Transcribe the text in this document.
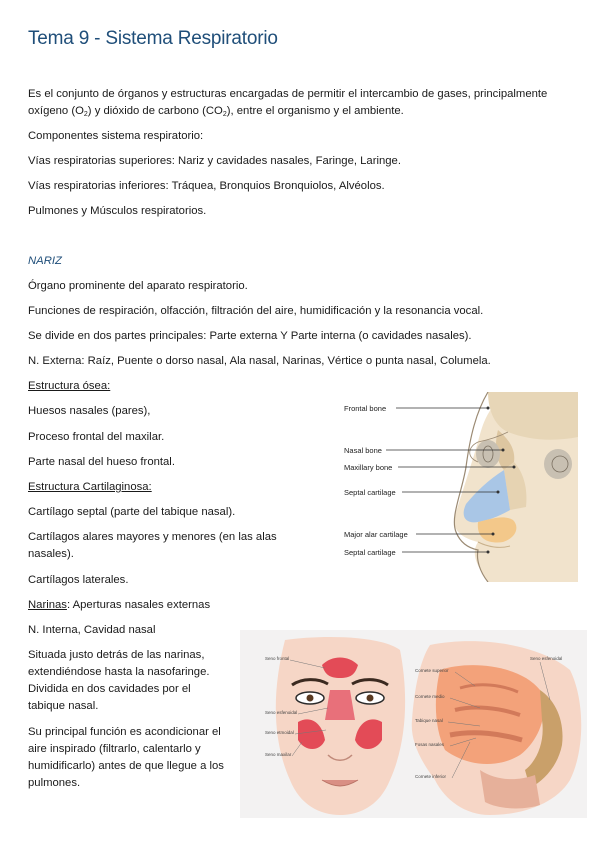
Tema 9 - Sistema Respiratorio
Es el conjunto de órganos y estructuras encargadas de permitir el intercambio de gases, principalmente
oxígeno $(O_2)$ y dióxido de carbono $(CO_2)$, entre el organismo y el ambiente.
Componentes sistema respiratorio:
Vías respiratorias superiores: Nariz y cavidades nasales, Faringe, Laringe.
Vías respiratorias inferiores: Tráquea, Bronquios Bronquiolos, Alvéolos.
Pulmones y Músculos respiratorios.
NARIZ
Órgano prominente del aparato respiratorio.
Funciones de respiración, olfacción, filtración del aire, humidificación y la resonancia vocal.
Se divide en dos partes principales: Parte externa Y Parte interna (o cavidades nasales).
N. Externa: Raíz, Puente o dorso nasal, Ala nasal, Narinas, Vértice o punta nasal, Columela.
Estructura ósea:
Huesos nasales (pares),
Proceso frontal del maxilar.
Parte nasal del hueso frontal.
Estructura Cartilaginosa:
Cartílago septal (parte del tabique nasal).
Cartílagos alares mayores y menores (en las alas nasales).
Cartílagos laterales.
Narinas: Aperturas nasales externas
N. Interna, Cavidad nasal
Situada justo detrás de las narinas, extendiéndose hasta la nasofaringe. Dividida en dos cavidades por el tabique nasal.
Su principal función es acondicionar el aire inspirado (filtrarlo, calentarlo y humidificarlo) antes de que llegue a los pulmones.
Frontal bone
Nasal bone
Maxillary bone
Septal cartilage
Major alar cartilage
Septal cartilage
Seno frontal
Seno esfenoidal
Seno etmoidal
Seno maxilar
Cornete superior
Cornete medio
Tabique nasal
Fosas nasales
Cornete inferior
Seno esfenoidal
